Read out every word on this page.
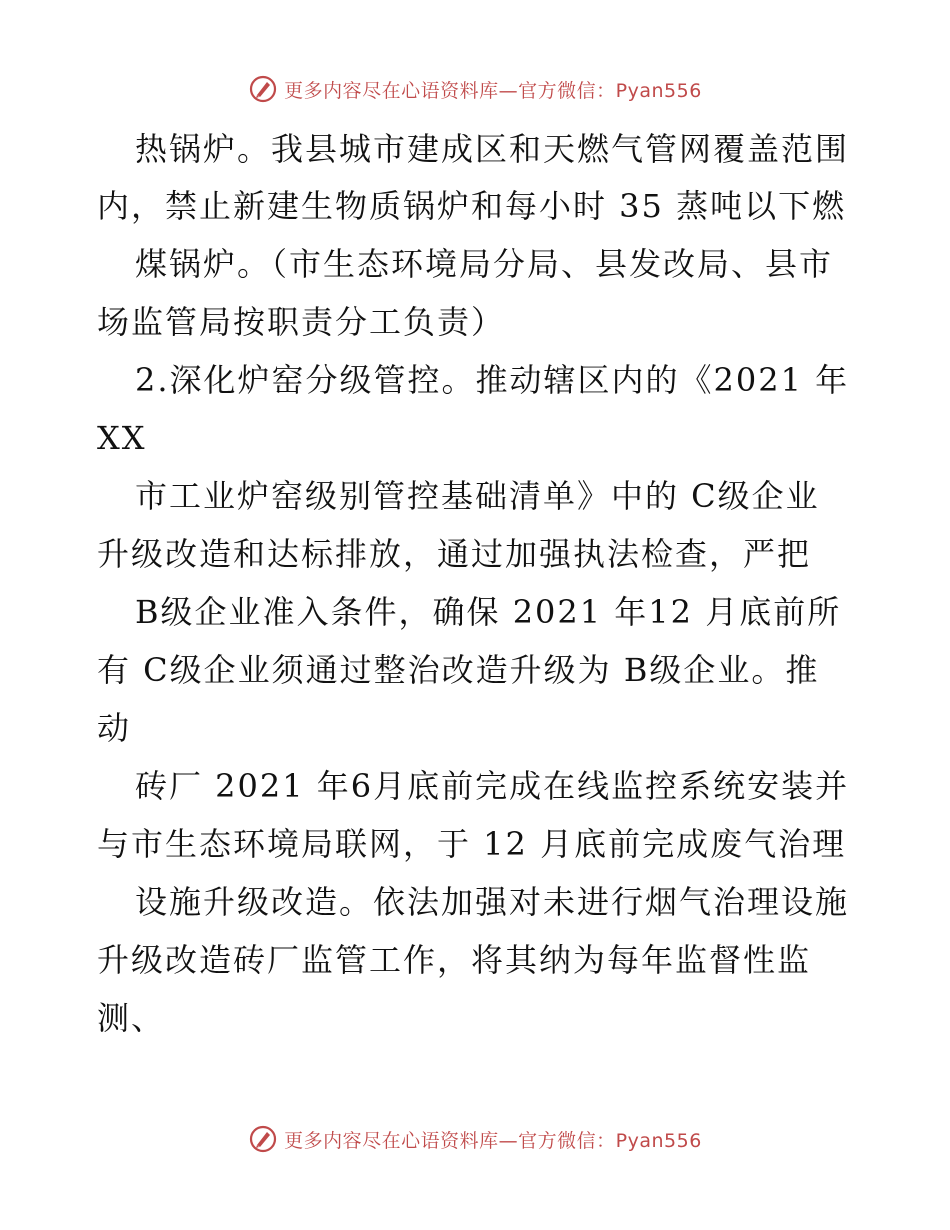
更多内容尽在心语资料库—官方微信：Pyan556
热锅炉。我县城市建成区和天燃气管网覆盖范围
内，禁止新建生物质锅炉和每小时 35 蒸吨以下燃
煤锅炉。（市生态环境局分局、县发改局、县市
场监管局按职责分工负责）
2.深化炉窑分级管控。推动辖区内的《2021 年
XX
市工业炉窑级别管控基础清单》中的 C级企业
升级改造和达标排放，通过加强执法检查，严把
B级企业准入条件，确保 2021 年12 月底前所
有 C级企业须通过整治改造升级为 B级企业。推
动
砖厂 2021 年6月底前完成在线监控系统安装并
与市生态环境局联网，于 12 月底前完成废气治理
设施升级改造。依法加强对未进行烟气治理设施
升级改造砖厂监管工作，将其纳为每年监督性监
测、
更多内容尽在心语资料库—官方微信：Pyan556
